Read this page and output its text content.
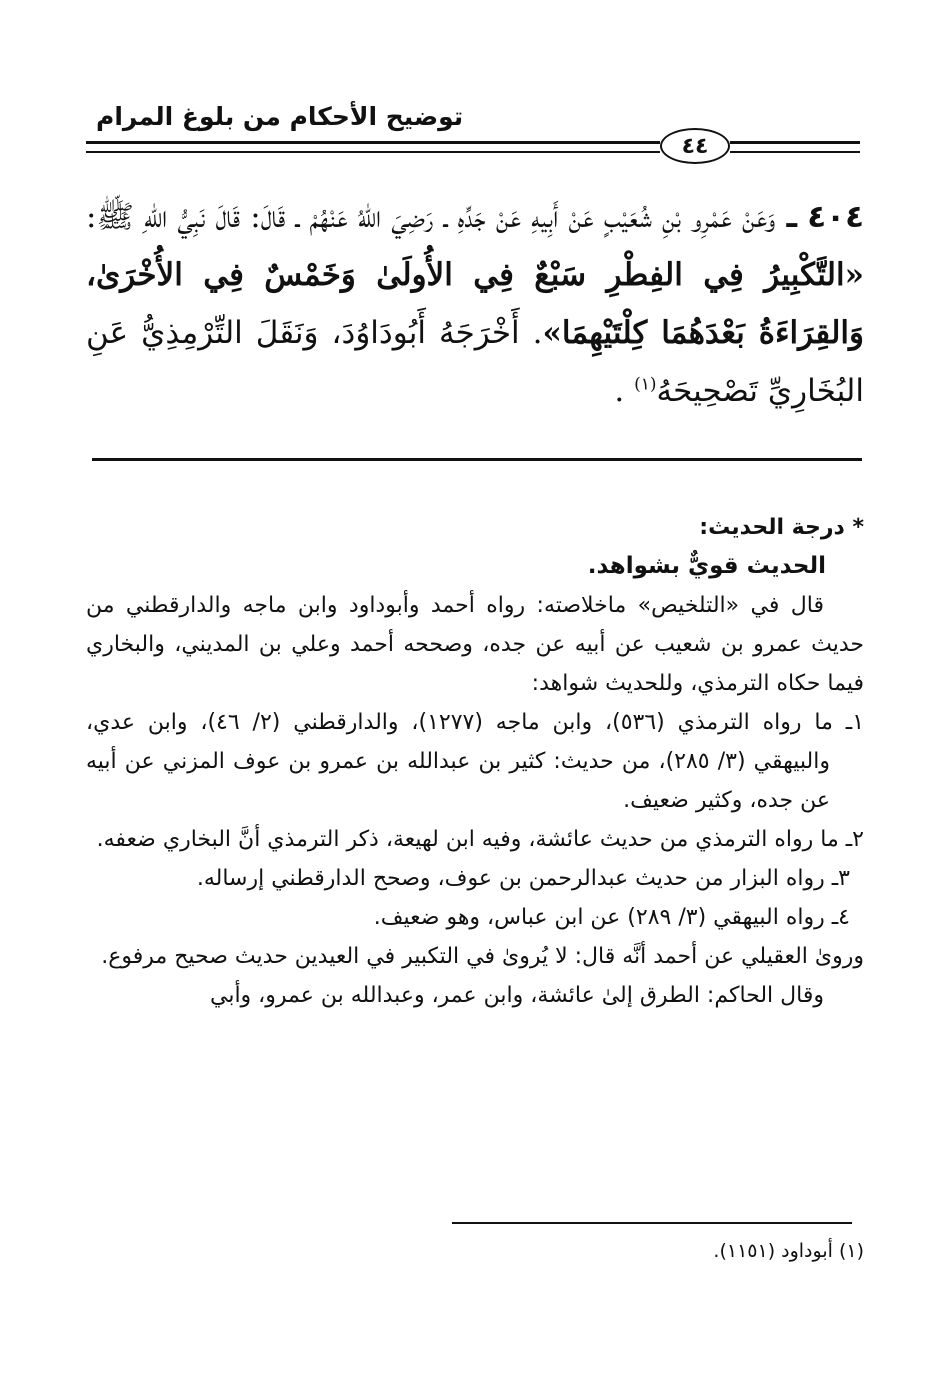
توضيح الأحكام من بلوغ المرام
٤٤
٤٠٤ ـ وَعَنْ عَمْرِو بْنِ شُعَيْبٍ عَنْ أَبِيهِ عَنْ جَدِّهِ ـ رَضِيَ اللهُ عَنْهُمْ ـ قَالَ: قَالَ نَبِيُّ اللهِ ﷺ: «التَّكْبِيرُ فِي الفِطْرِ سَبْعٌ فِي الأُولَىٰ وَخَمْسٌ فِي الأُخْرَىٰ، وَالقِرَاءَةُ بَعْدَهُمَا كِلْتَيْهِمَا». أَخْرَجَهُ أَبُودَاوُدَ، وَنَقَلَ التِّرْمِذِيُّ عَنِ البُخَارِيِّ تَصْحِيحَهُ$^{(١)}$ .
* درجة الحديث:
الحديث قويٌّ بشواهد.
قال في «التلخيص» ماخلاصته: رواه أحمد وأبوداود وابن ماجه والدارقطني من حديث عمرو بن شعيب عن أبيه عن جده، وصححه أحمد وعلي بن المديني، والبخاري فيما حكاه الترمذي، وللحديث شواهد:
١ـ ما رواه الترمذي (٥٣٦)، وابن ماجه (١٢٧٧)، والدارقطني (٢/ ٤٦)، وابن عدي، والبيهقي (٣/ ٢٨٥)، من حديث: كثير بن عبدالله بن عمرو بن عوف المزني عن أبيه عن جده، وكثير ضعيف.
٢ـ ما رواه الترمذي من حديث عائشة، وفيه ابن لهيعة، ذكر الترمذي أنَّ البخاري ضعفه.
٣ـ رواه البزار من حديث عبدالرحمن بن عوف، وصحح الدارقطني إرساله.
٤ـ رواه البيهقي (٣/ ٢٨٩) عن ابن عباس، وهو ضعيف.
وروىٰ العقيلي عن أحمد أنَّه قال: لا يُروىٰ في التكبير في العيدين حديث صحيح مرفوع.
وقال الحاكم: الطرق إلىٰ عائشة، وابن عمر، وعبدالله بن عمرو، وأبي
(١) أبوداود (١١٥١).
